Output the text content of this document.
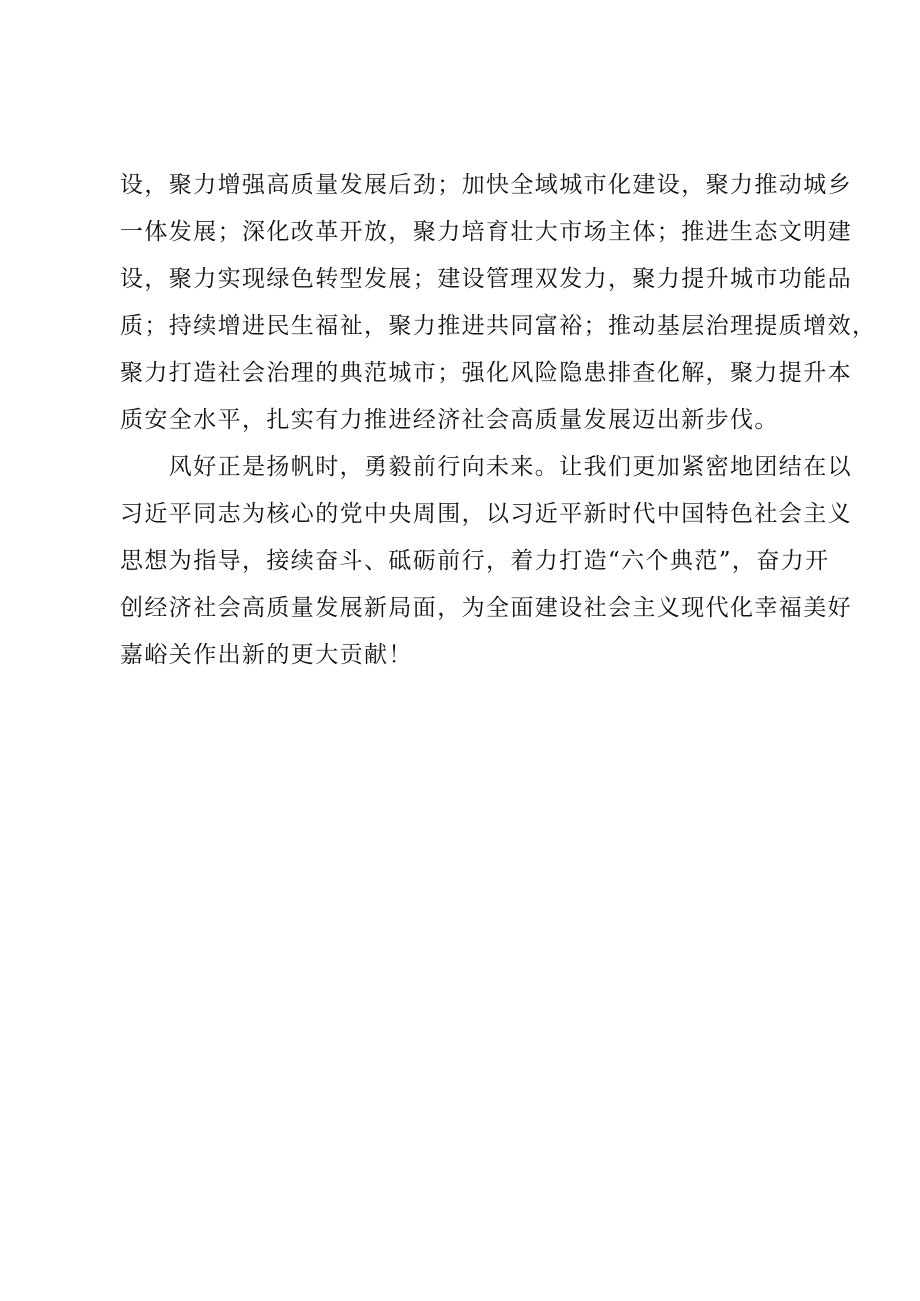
设，聚力增强高质量发展后劲；加快全域城市化建设，聚力推动城乡
一体发展；深化改革开放，聚力培育壮大市场主体；推进生态文明建
设，聚力实现绿色转型发展；建设管理双发力，聚力提升城市功能品
质；持续增进民生福祉，聚力推进共同富裕；推动基层治理提质增效，
聚力打造社会治理的典范城市；强化风险隐患排查化解，聚力提升本
质安全水平，扎实有力推进经济社会高质量发展迈出新步伐。
　　风好正是扬帆时，勇毅前行向未来。让我们更加紧密地团结在以
习近平同志为核心的党中央周围，以习近平新时代中国特色社会主义
思想为指导，接续奋斗、砥砺前行，着力打造“六个典范”，奋力开
创经济社会高质量发展新局面，为全面建设社会主义现代化幸福美好
嘉峪关作出新的更大贡献！
